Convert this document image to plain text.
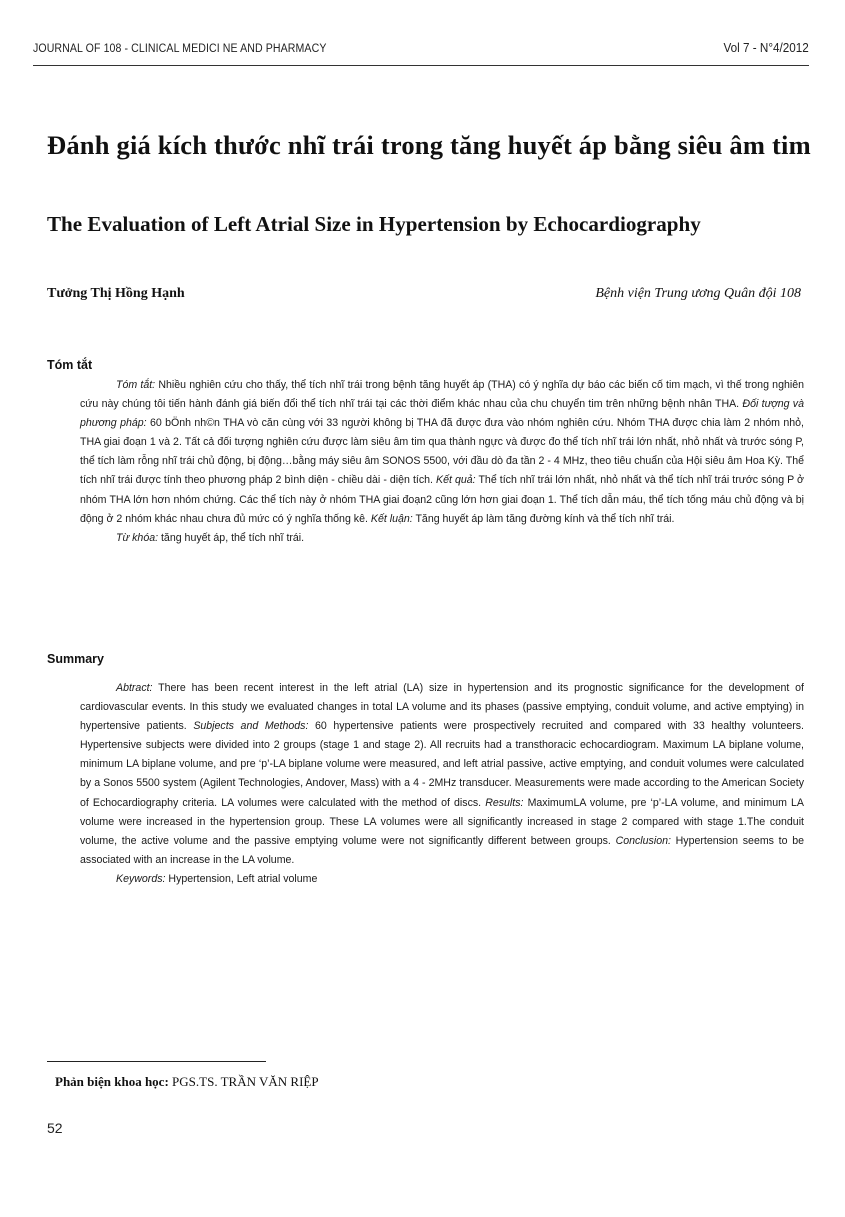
JOURNAL OF 108 - CLINICAL MEDICI NE AND PHARMACY	Vol 7 - N°4/2012
Đánh giá kích thước nhĩ trái trong tăng huyết áp bằng siêu âm tim
The Evaluation of Left Atrial Size in Hypertension by Echocardiography
Tưởng Thị Hồng Hạnh	Bệnh viện Trung ương Quân đội 108
Tóm tắt

Tóm tắt: Nhiều nghiên cứu cho thấy, thể tích nhĩ trái trong bệnh tăng huyết áp (THA) có ý nghĩa dự báo các biến cố tim mạch, vì thế trong nghiên cứu này chúng tôi tiến hành đánh giá biến đổi thể tích nhĩ trái tại các thời điểm khác nhau của chu chuyển tim trên những bệnh nhân THA. Đối tượng và phương pháp: 60 bÖnh nh©n THA vò căn cùng với 33 người không bị THA đã được đưa vào nhóm nghiên cứu. Nhóm THA được chia làm 2 nhóm nhỏ, THA giai đoạn 1 và 2. Tất cả đối tượng nghiên cứu được làm siêu âm tim qua thành ngực và được đo thể tích nhĩ trái lớn nhất, nhỏ nhất và trước sóng P, thể tích làm rỗng nhĩ trái chủ động, bị động…bằng máy siêu âm SONOS 5500, với đầu dò đa tần 2 - 4 MHz, theo tiêu chuẩn của Hội siêu âm Hoa Kỳ. Thể tích nhĩ trái được tính theo phương pháp 2 bình diện - chiều dài - diện tích. Kết quả: Thể tích nhĩ trái lớn nhất, nhỏ nhất và thể tích nhĩ trái trước sóng P ở nhóm THA lớn hơn nhóm chứng. Các thể tích này ở nhóm THA giai đoạn2 cũng lớn hơn giai đoạn 1. Thể tích dẫn máu, thể tích tống máu chủ động và bị động ở 2 nhóm khác nhau chưa đủ mức có ý nghĩa thống kê. Kết luận: Tăng huyết áp làm tăng đường kính và thể tích nhĩ trái.

Từ khóa: tăng huyết áp, thể tích nhĩ trái.

Summary

Abtract: There has been recent interest in the left atrial (LA) size in hypertension and its prognostic significance for the development of cardiovascular events. In this study we evaluated changes in total LA volume and its phases (passive emptying, conduit volume, and active emptying) in hypertensive patients. Subjects and Methods: 60 hypertensive patients were prospectively recruited and compared with 33 healthy volunteers. Hypertensive subjects were divided into 2 groups (stage 1 and stage 2). All recruits had a transthoracic echocardiogram. Maximum LA biplane volume, minimum LA biplane volume, and pre ‘p’-LA biplane volume were measured, and left atrial passive, active emptying, and conduit volumes were calculated by a Sonos 5500 system (Agilent Technologies, Andover, Mass) with a 4 - 2MHz transducer. Measurements were made according to the American Society of Echocardiography criteria. LA volumes were calculated with the method of discs. Results: MaximumLA volume, pre ‘p’-LA volume, and minimum LA volume were increased in the hypertension group. These LA volumes were all significantly increased in stage 2 compared with stage 1.The conduit volume, the active volume and the passive emptying volume were not significantly different between groups. Conclusion: Hypertension seems to be associated with an increase in the LA volume.

Keywords: Hypertension, Left atrial volume

Phản biện khoa học: PGS.TS. TRẦN VĂN RIỆP
52
